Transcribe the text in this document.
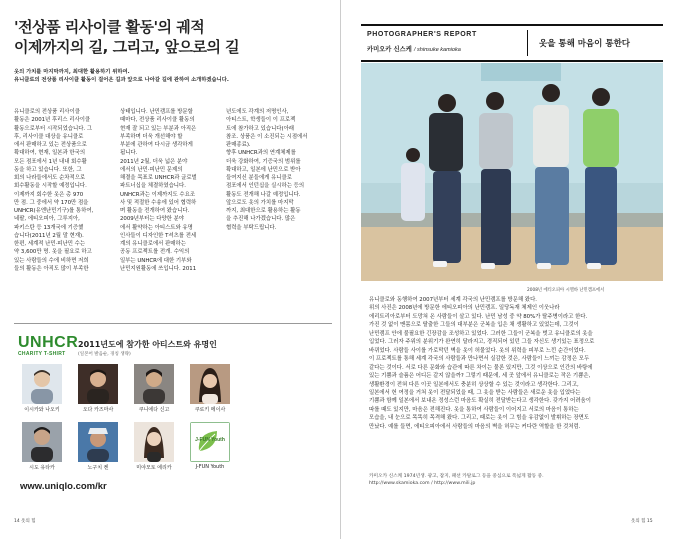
'전상품 리사이클 활동'의 궤적
이제까지의 길, 그리고, 앞으로의 길
옷의 가치를 마지막까지, 최대한 활용하기 위하여.
유니클로의 전상품 리사이클 활동이 걸어온 길과 앞으로 나아갈 길에 관하여 소개하겠습니다.
유니클로의 전상품 리사이클
활동은 2001년 후리스 리사이클
활동으로부터 시작되었습니다. 그
후, 리사이클 대상을 유니클로
에서 판매하고 있는 전상품으로
확대하여, 현재, 일본과 한국의
모든 점포에서 1년 내내 회수활
동을 하고 있습니다. 또한, 그
회의 나라들에서도 순차적으로
회수활동을 시작할 예정입니다.
이제까지 회수한 옷은 총 970
만 점. 그 중에서 약 170만 점을
UNHCR(유엔난민기구)를 통하여,
네팔, 에티오피아, 그루지아,
파키스탄 등 13개국에 기증했
습니다(2011년 2월 말 현재).
한편, 세계적 난민·피난민 수는
약 3,600만 명. 옷을 필요로 하고
있는 사람들의 수에 비하면 저희
들의 활동은 아직도 많이 부족한
상태입니다. 난민캠프를 방문할
때마다, 전상품 리사이클 활동의
현재 잘 되고 있는 부분과 아직은
부족하며 더욱 개선해야 할
부분에 관하여 다시금 생각하게
됩니다.
2011년 2월, 더욱 넓은 분야
에서의 난민·피난민 문제의
해결을 목표로 UNHCR과 글로벌
파트너십을 체결하였습니다.
UNHCR과는 이제까지도 수요조
사 및 적절한 수송에 있어 협력하
며 활동을 전개하여 왔습니다.
2009년부터는 다양한 분야
에서 활약하는 아티스트와 유명
인사들이 디자인한 T셔츠를 전세
계의 유니클로에서 판매하는
공동 프로젝트를 전개. 수익의
일부는 UNHCR에 대한 기부와
난민지원활동에 쓰입니다. 2011
년도에도 각계의 저명인사,
아티스트, 학생들이 이 프로젝
트에 참가하고 있습니다(아래
참조. 상품은 이 소진되는 시점에서
판매종료).
향후 UNHCR과의 연계체제를
더욱 강화하여, 기증국의 범위를
확대하고, 일본에 난민으로 받아
들여지신 분들에게 유니클로
점포에서 인턴십을 실시하는 등의
활동도 전개해 나갈 예정입니다.
앞으로도 옷의 가치를 마지막
까지, 최대한으로 활용하는 활동
을 추진해 나가겠습니다. 많은
협력을 부탁드립니다.
UNHCR
CHARITY T-SHIRT
2011년도에 참가한 아티스트와 유명인
(일본어 발음순, 경칭 생략)
이시카와 나오키	오다 카즈마사	쿠니에다 신고	쿠로키 메이사
J-FUN Youth
시도 유타카	노구치 켄	미야모토 에리카	J-FUN Youth
www.uniqlo.com/kr
14 옷의 힘
PHOTOGRAPHER'S REPORT
카미오카 신스케 / shinsuke kamioka
옷을 통해 마음이 통한다
2008년 에티오피아 시멜바 난민캠프에서
유니클로와 동행하여 2007년부터 세계 각국의 난민캠프를 방문해 왔다.
위의 사진은 2008년에 방문한 에티오피아의 난민캠프. 일당독재 체제인 이웃나라
에리트리아로부터 도망쳐 온 사람들이 살고 있다. 난민 남성 중 약 80%가 탈주병이라고 한다.
가진 것 없이 맨몸으로 탈출한 그들의 대부분은 군복을 입은 채 생활하고 있었는데, 그것이
난민캠프 안에 불필요한 긴장감을 조성하고 있었다. 그러한 그들이 군복을 벗고 유니클로의 옷을
입었다. 그러자 주위의 분위기가 완연히 달라지고, 경직되어 있던 그들 자신도 생기있는 표정으로
바뀌었다. 사람들 사이를 가로막던 벽을 옷이 허물었다. 옷의 위력을 피부로 느낀 순간이었다.
이 프로젝트를 통해 세계 각국의 사람들과 만나면서 실감한 것은, 사람들이 느끼는 감정은 모두
같다는 것이다. 서로 다른 문화와 습관에 따른 차이는 물론 있지만, 그것 이상으로 인간의 바탕에
있는 기쁨과 슬픔은 어디든 같지 않을까? 그렇기 때문에, 세 곳 앞에서 유니클로는 작은 기쁨은,
생활환경이 전혀 다른 이곳 일본에서도 충분히 상상할 수 있는 것이라고 생각한다. 그리고,
일본에서 헌 여정을 거쳐 옷이 전달되었을 때, 그 옷을 받는 사람들은 새로운 옷을 입었다는
기쁨과 함께 일본에서 보내온 정성스런 마음도 확실히 전달받는다고 생각한다. 갖가지 어려움이
따를 때도 있지만, 마음은 전해진다. 옷을 통하여 사람들이 이어지고 서로의 마음이 통하는
모습을, 내 눈으로 똑똑히 목격해 왔다. 그리고, 때로는 옷이 그 힘을 유감없이 발휘하는 장면도
만났다. 예를 들면, 에티오피아에서 사람들의 마음의 벽을 허무는 커다란 역할을 한 것처럼.
카미오카 신스케 1974년생. 광고, 잡지, 패션 카탈로그 등을 중심으로 폭넓게 활동 중.
http://www.skamioka.com / http://www.mili.jp
옷의 힘 15
